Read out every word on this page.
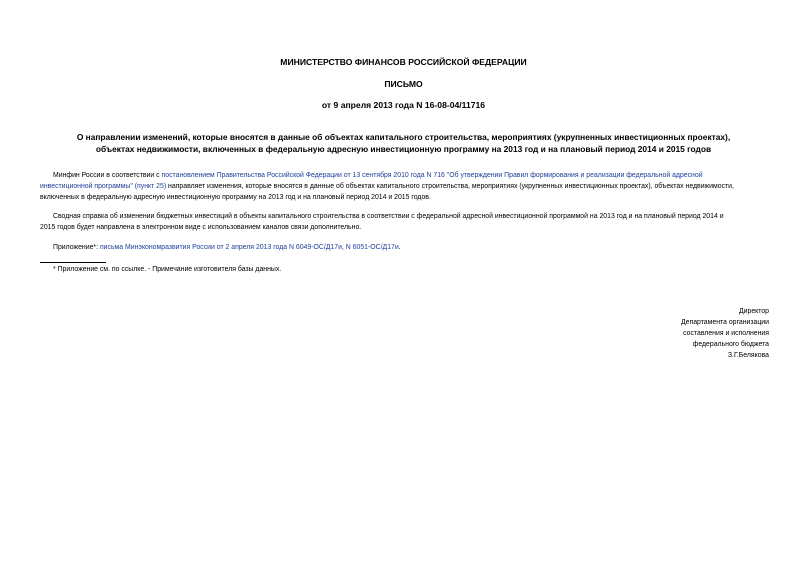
МИНИСТЕРСТВО ФИНАНСОВ РОССИЙСКОЙ ФЕДЕРАЦИИ
ПИСЬМО
от 9 апреля 2013 года N 16-08-04/11716
О направлении изменений, которые вносятся в данные об объектах капитального строительства, мероприятиях (укрупненных инвестиционных проектах),
объектах недвижимости, включенных в федеральную адресную инвестиционную программу на 2013 год и на плановый период 2014 и 2015 годов
Минфин России в соответствии с постановлением Правительства Российской Федерации от 13 сентября 2010 года N 716 "Об утверждении Правил формирования и реализации федеральной адресной
инвестиционной программы" (пункт 25) направляет изменения, которые вносятся в данные об объектах капитального строительства, мероприятиях (укрупненных инвестиционных проектах), объектах недвижимости,
включенных в федеральную адресную инвестиционную программу на 2013 год и на плановый период 2014 и 2015 годов.
Сводная справка об изменении бюджетных инвестиций в объекты капитального строительства в соответствии с федеральной адресной инвестиционной программой на 2013 год и на плановый период 2014 и
2015 годов будет направлена в электронном виде с использованием каналов связи дополнительно.
Приложение*: письма Минэкономразвития России от 2 апреля 2013 года N 6049-ОС/Д17и, N 6051-ОС/Д17и.
* Приложение см. по ссылке. - Примечание изготовителя базы данных.
Директор
Департамента организации
составления и исполнения
федерального бюджета
З.Г.Белякова
